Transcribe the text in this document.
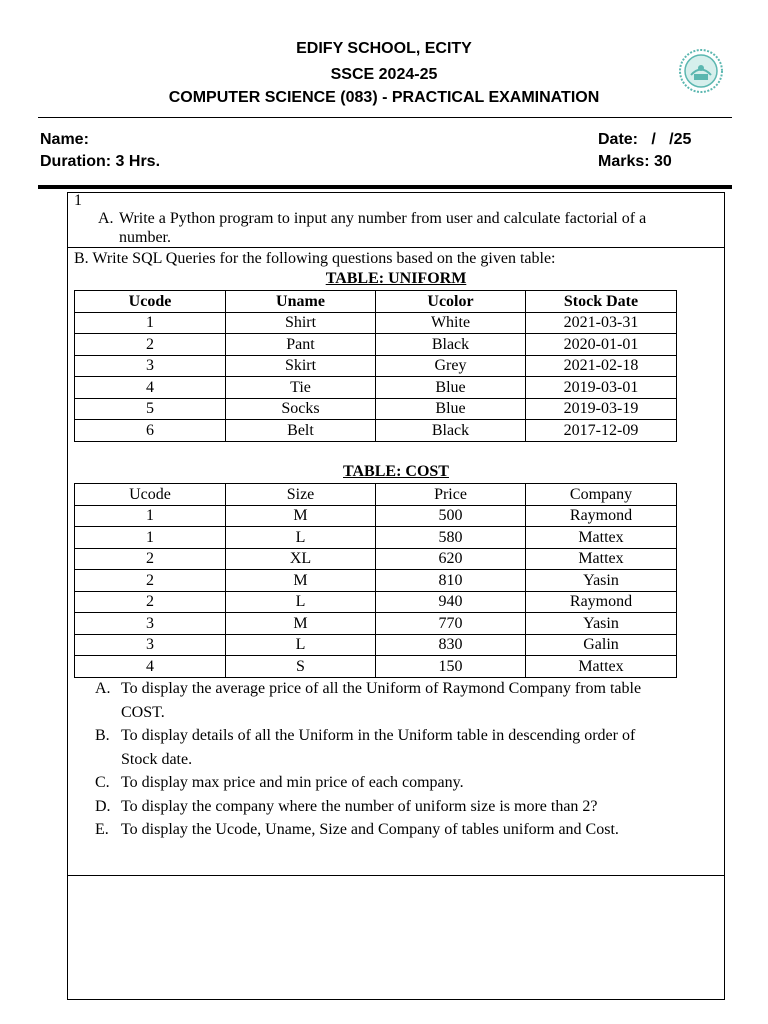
EDIFY SCHOOL, ECITY
SSCE 2024-25
COMPUTER SCIENCE (083) - PRACTICAL EXAMINATION
Name:
Duration: 3 Hrs.
Date:   /   /25
Marks: 30
1
A. Write a Python program to input any number from user and calculate factorial of a
number.
B. Write SQL Queries for the following questions based on the given table:
TABLE: UNIFORM
Ucode	Uname	Ucolor	Stock Date
1	Shirt	White	2021-03-31
2	Pant	Black	2020-01-01
3	Skirt	Grey	2021-02-18
4	Tie	Blue	2019-03-01
5	Socks	Blue	2019-03-19
6	Belt	Black	2017-12-09
TABLE: COST
Ucode	Size	Price	Company
1	M	500	Raymond
1	L	580	Mattex
2	XL	620	Mattex
2	M	810	Yasin
2	L	940	Raymond
3	M	770	Yasin
3	L	830	Galin
4	S	150	Mattex
A. To display the average price of all the Uniform of Raymond Company from table
COST.
B. To display details of all the Uniform in the Uniform table in descending order of
Stock date.
C. To display max price and min price of each company.
D. To display the company where the number of uniform size is more than 2?
E. To display the Ucode, Uname, Size and Company of tables uniform and Cost.
